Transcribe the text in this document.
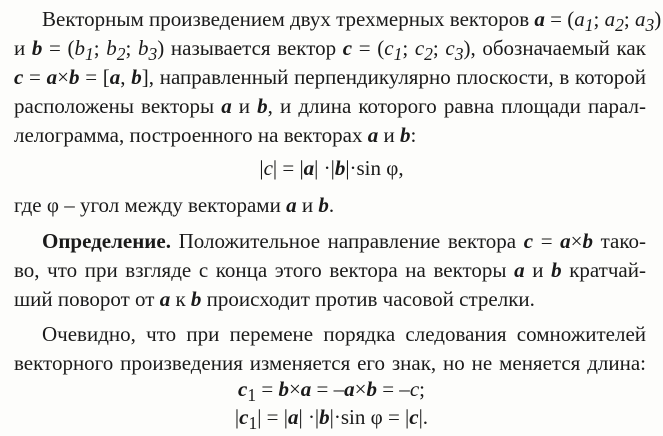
Векторным произведением двух трехмерных векторов $a = (a_1$; $a_2$; $a_3$)
и $b = (b_1$; $b_2$; $b_3$) называется вектор $c = (c_1$; $c_2$; $c_3$), обозначаемый как
c = a×b = [a, b], направленный перпендикулярно плоскости, в которой
расположены векторы a и b, и длина которого равна площади парал-
лелограмма, построенного на векторах a и b:
|c| = |a| ·|b|·sin φ,
где φ – угол между векторами a и b.
Определение. Положительное направление вектора c = a×b тако-
во, что при взгляде с конца этого вектора на векторы a и b кратчай-
ший поворот от a к b происходит против часовой стрелки.
Очевидно, что при перемене порядка следования сомножителей
векторного произведения изменяется его знак, но не меняется длина:
$c_1 = b\times a = -a\times b = -c$;
$|c_1| = |a| \cdot|b|\cdot\sin$ φ = |c|.
